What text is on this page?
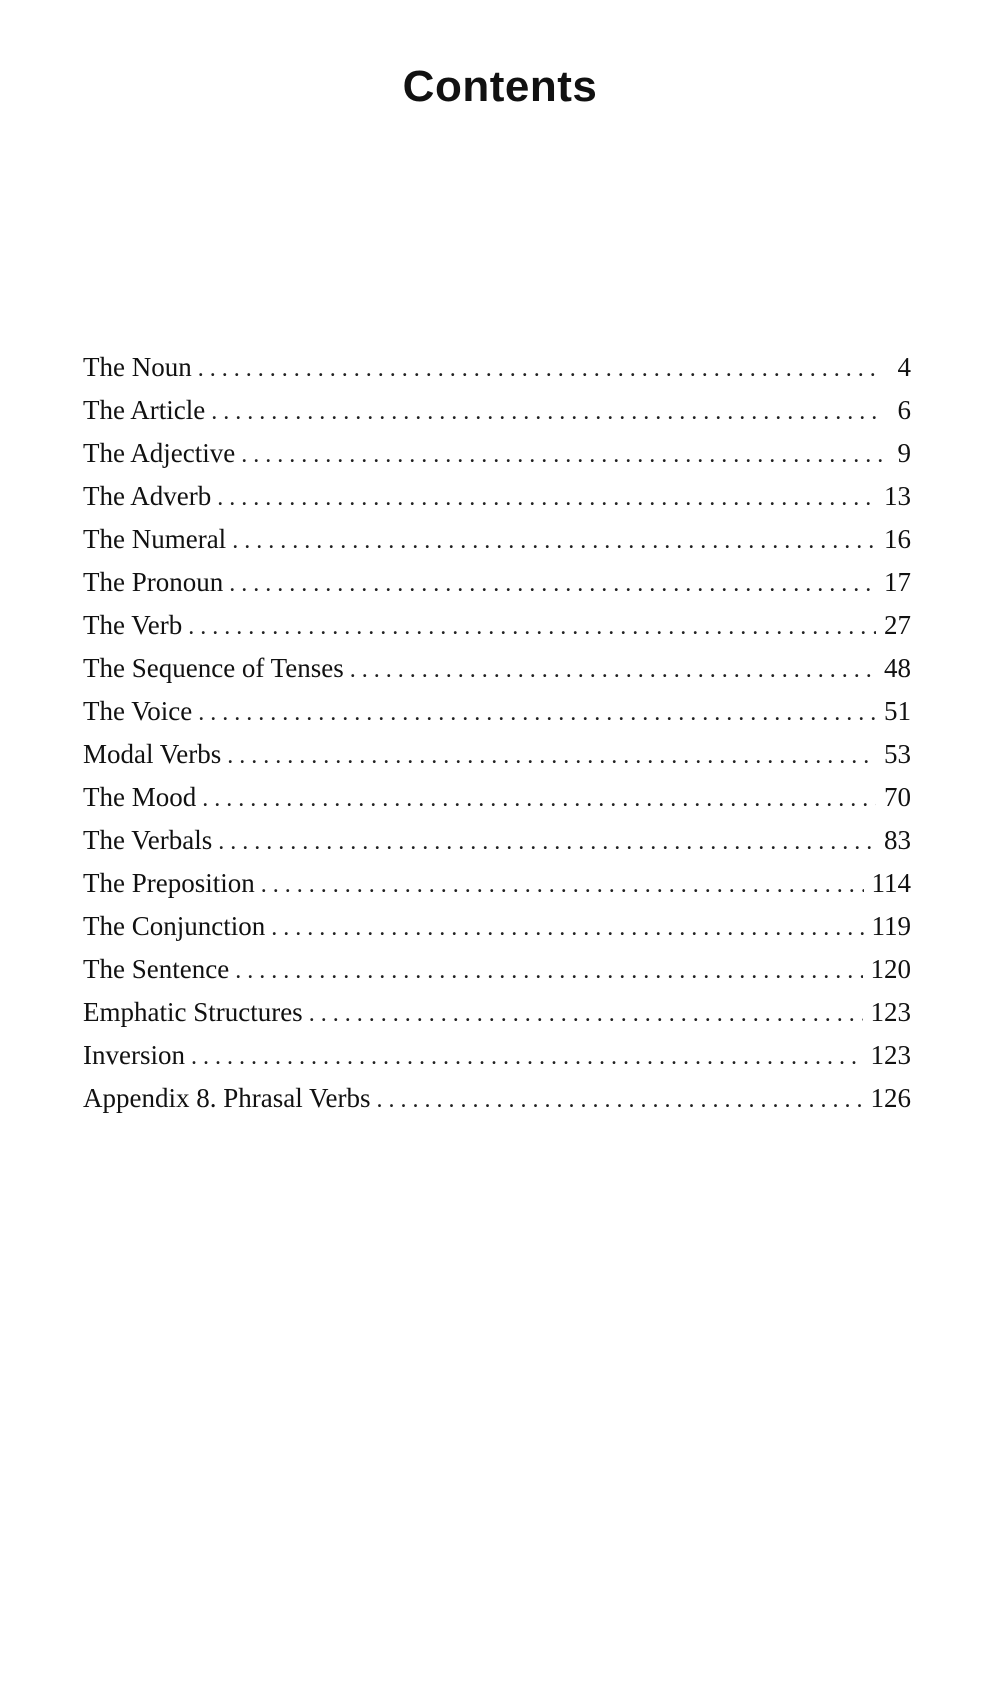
Contents
The Noun . . .	4
The Article . . .	6
The Adjective . . .	9
The Adverb . . .	13
The Numeral . . .	16
The Pronoun . . .	17
The Verb . . .	27
The Sequence of Tenses . . .	48
The Voice . . .	51
Modal Verbs . . .	53
The Mood . . .	70
The Verbals . . .	83
The Preposition . . .	114
The Conjunction . . .	119
The Sentence . . .	120
Emphatic Structures . . .	123
Inversion . . .	123
Appendix 8. Phrasal Verbs . . .	126
